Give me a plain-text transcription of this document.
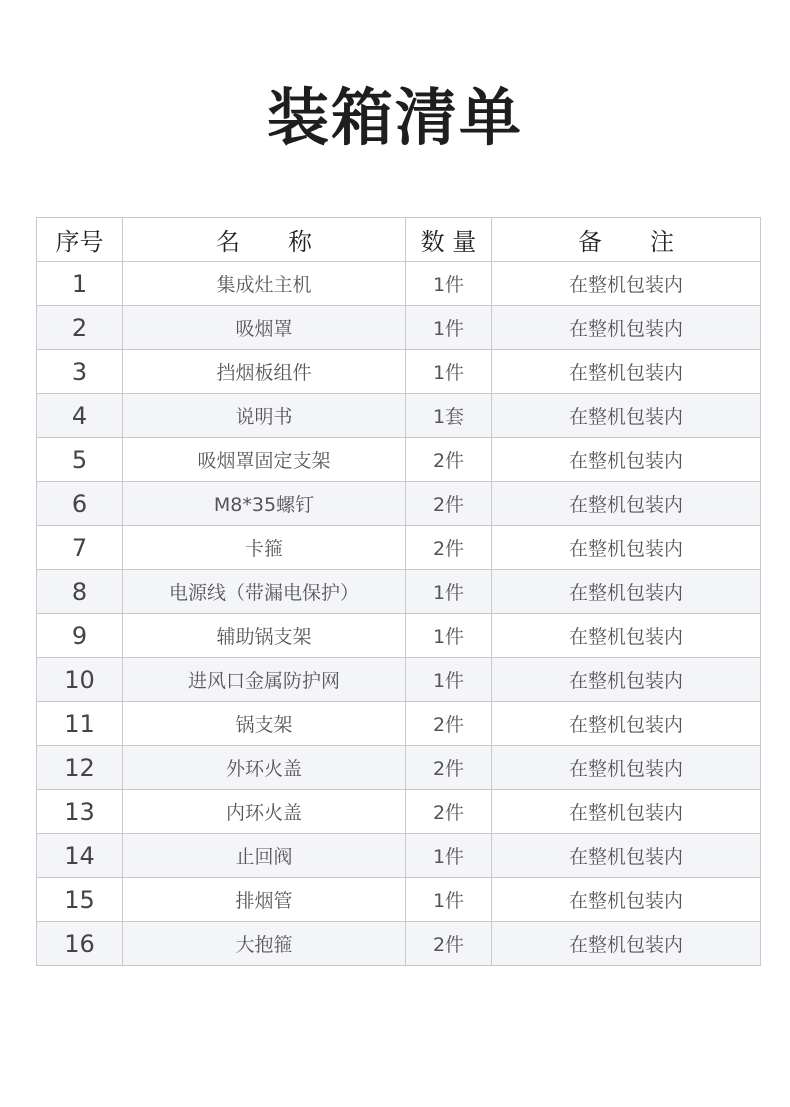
装箱清单
序号	名　　称	数 量	备　　注
1	集成灶主机	1件	在整机包装内
2	吸烟罩	1件	在整机包装内
3	挡烟板组件	1件	在整机包装内
4	说明书	1套	在整机包装内
5	吸烟罩固定支架	2件	在整机包装内
6	M8*35螺钉	2件	在整机包装内
7	卡箍	2件	在整机包装内
8	电源线（带漏电保护）	1件	在整机包装内
9	辅助锅支架	1件	在整机包装内
10	进风口金属防护网	1件	在整机包装内
11	锅支架	2件	在整机包装内
12	外环火盖	2件	在整机包装内
13	内环火盖	2件	在整机包装内
14	止回阀	1件	在整机包装内
15	排烟管	1件	在整机包装内
16	大抱箍	2件	在整机包装内
